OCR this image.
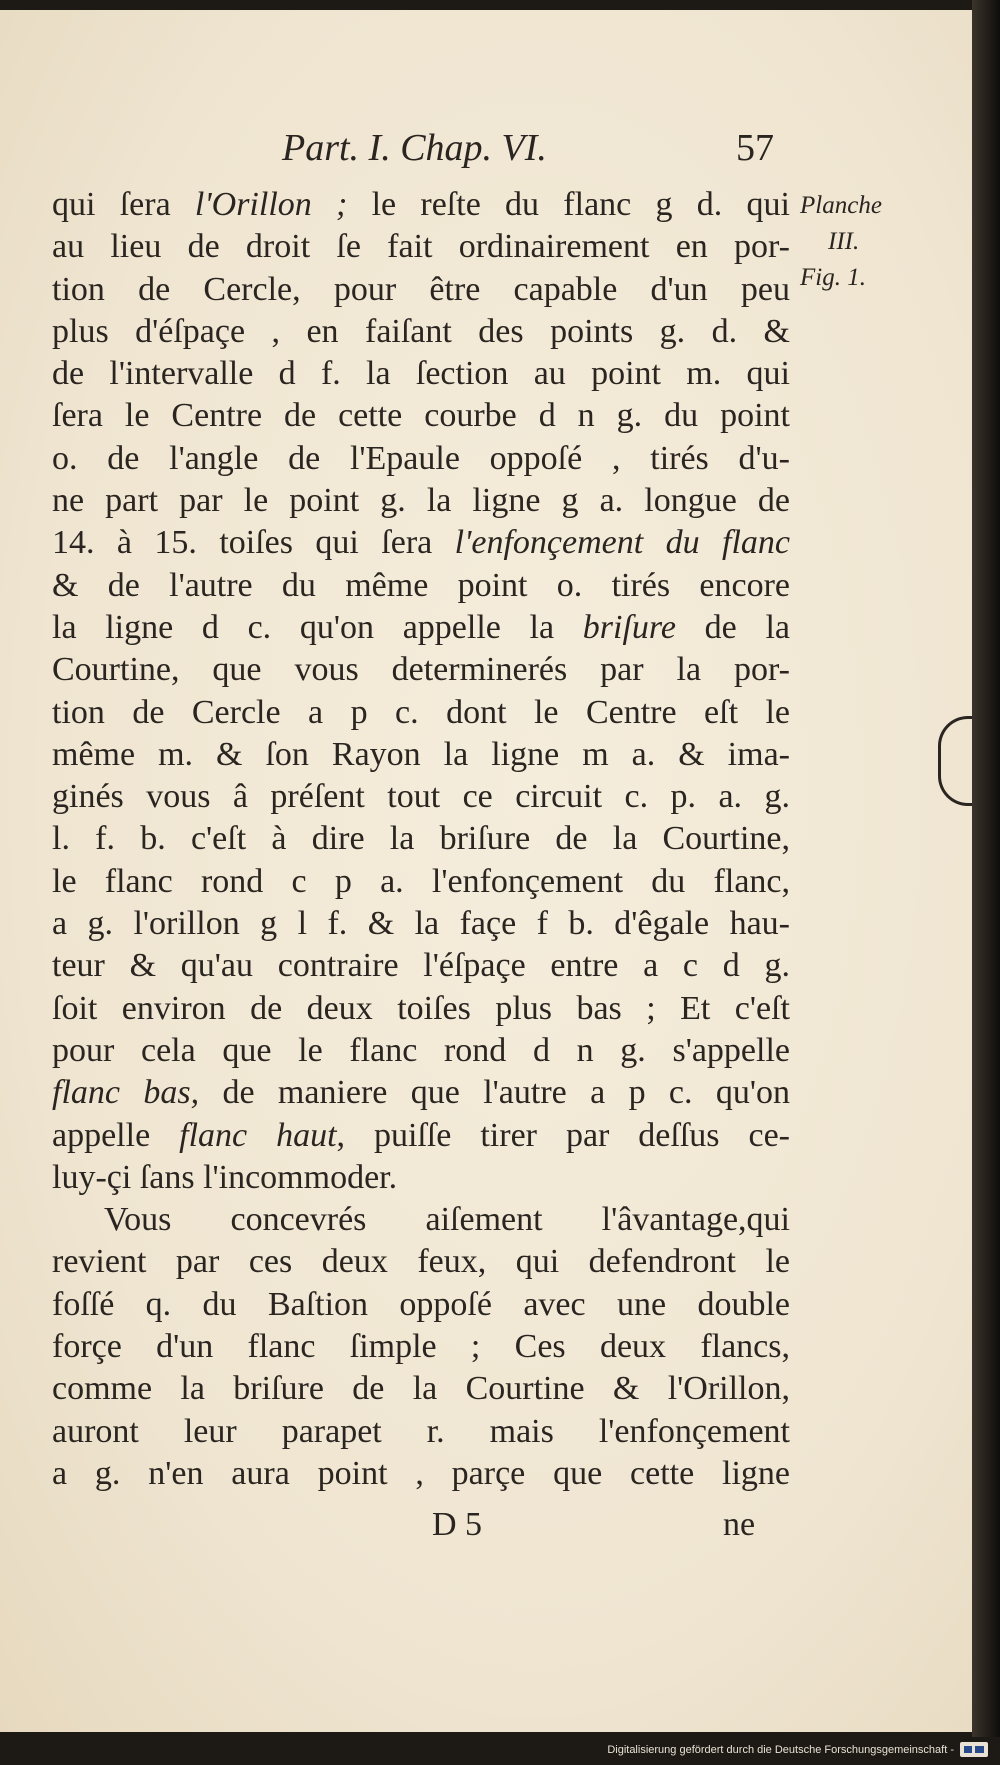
Part. I. Chap. VI.	57
Planche
III.
Fig. 1.
qui ſera l'Orillon ; le reſte du flanc g d. qui
au lieu de droit ſe fait ordinairement en por-
tion de Cercle, pour être capable d'un peu
plus d'éſpaçe , en faiſant des points g. d. &
de l'intervalle d f. la ſection au point m. qui
ſera le Centre de cette courbe d n g. du point
o. de l'angle de l'Epaule oppoſé , tirés d'u-
ne part par le point g. la ligne g a. longue de
14. à 15. toiſes qui ſera l'enfonçement du flanc
& de l'autre du même point o. tirés encore
la ligne d c. qu'on appelle la briſure de la
Courtine, que vous determinerés par la por-
tion de Cercle a p c. dont le Centre eſt le
même m. & ſon Rayon la ligne m a. & ima-
ginés vous â préſent tout ce circuit c. p. a. g.
l. f. b. c'eſt à dire la briſure de la Courtine,
le flanc rond c p a. l'enfonçement du flanc,
a g. l'orillon g l f. & la façe f b. d'êgale hau-
teur & qu'au contraire l'éſpaçe entre a c d g.
ſoit environ de deux toiſes plus bas ; Et c'eſt
pour cela que le flanc rond d n g. s'appelle
flanc bas, de maniere que l'autre a p c. qu'on
appelle flanc haut, puiſſe tirer par deſſus ce-
luy-çi ſans l'incommoder.
Vous concevrés aiſement l'âvantage,qui
revient par ces deux feux, qui defendront le
foſſé q. du Baſtion oppoſé avec une double
forçe d'un flanc ſimple ; Ces deux flancs,
comme la briſure de la Courtine & l'Orillon,
auront leur parapet r. mais l'enfonçement
a g. n'en aura point , parçe que cette ligne
D 5	ne
Digitalisierung gefördert durch die Deutsche Forschungsgemeinschaft -
